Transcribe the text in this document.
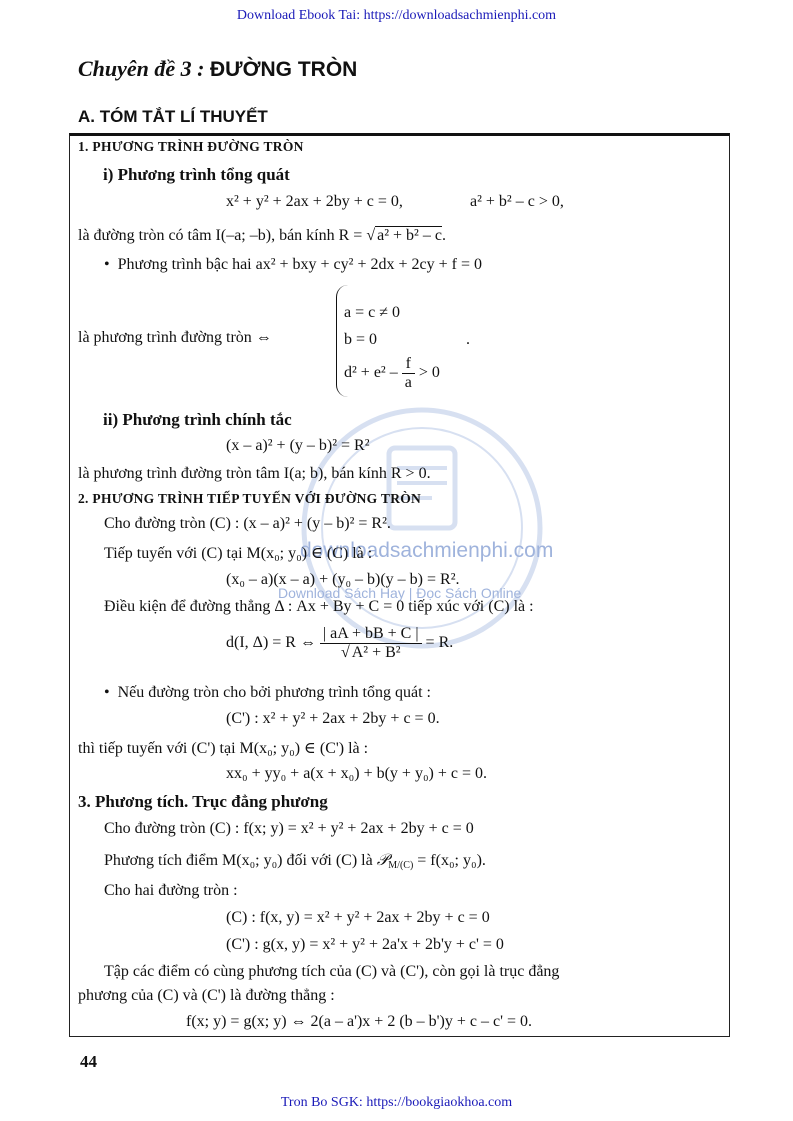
Download Ebook Tai: https://downloadsachmienphi.com
Chuyên đề 3 : ĐƯỜNG TRÒN
A. TÓM TẮT LÍ THUYẾT
downloadsachmienphi.com
Download Sách Hay | Đọc Sách Online
1. PHƯƠNG TRÌNH ĐƯỜNG TRÒN
i) Phương trình tổng quát
x² + y² + 2ax + 2by + c = 0,	a² + b² – c > 0,
là đường tròn có tâm I(–a; –b), bán kính R = √ a² + b² – c.
•  Phương trình bậc hai ax² + bxy + cy² + 2dx + 2cy + f = 0
là phương trình đường tròn ⇔
a = c ≠ 0
b = 0
$d^2 + e^2 - \frac{f}{a} > 0$
.
ii) Phương trình chính tắc
(x – a)² + (y – b)² = R²
là phương trình đường tròn tâm I(a; b), bán kính R > 0.
2. PHƯƠNG TRÌNH TIẾP TUYẾN VỚI ĐƯỜNG TRÒN
Cho đường tròn (C) : (x – a)² + (y – b)² = R².
Tiếp tuyến với (C) tại M(x₀; y₀) ∈ (C) là :
(x₀ – a)(x – a) + (y₀ – b)(y – b) = R².
Điều kiện để đường thẳng Δ : Ax + By + C = 0 tiếp xúc với (C) là :
d(I, Δ) = R ⇔ $\frac{| aA + bB + C |}{\text{√ A² + B²}} = R$.
•  Nếu đường tròn cho bởi phương trình tổng quát :
(C') : x² + y² + 2ax + 2by + c = 0.
thì tiếp tuyến với (C') tại M(x₀; y₀) ∈ (C') là :
xx₀ + yy₀ + a(x + x₀) + b(y + y₀) + c = 0.
3. Phương tích. Trục đẳng phương
Cho đường tròn (C) : f(x; y) = x² + y² + 2ax + 2by + c = 0
Phương tích điểm M(x₀; y₀) đối với (C) là 𝒫$_{M/(C)}$ = f(x₀; y₀).
Cho hai đường tròn :
(C) : f(x, y) = x² + y² + 2ax + 2by + c = 0
(C') : g(x, y) = x² + y² + 2a'x + 2b'y + c' = 0
Tập các điểm có cùng phương tích của (C) và (C'), còn gọi là trục đẳng
phương của (C) và (C') là đường thẳng :
f(x; y) = g(x; y) ⇔ 2(a – a')x + 2 (b – b')y + c – c' = 0.
44
Tron Bo SGK: https://bookgiaokhoa.com
